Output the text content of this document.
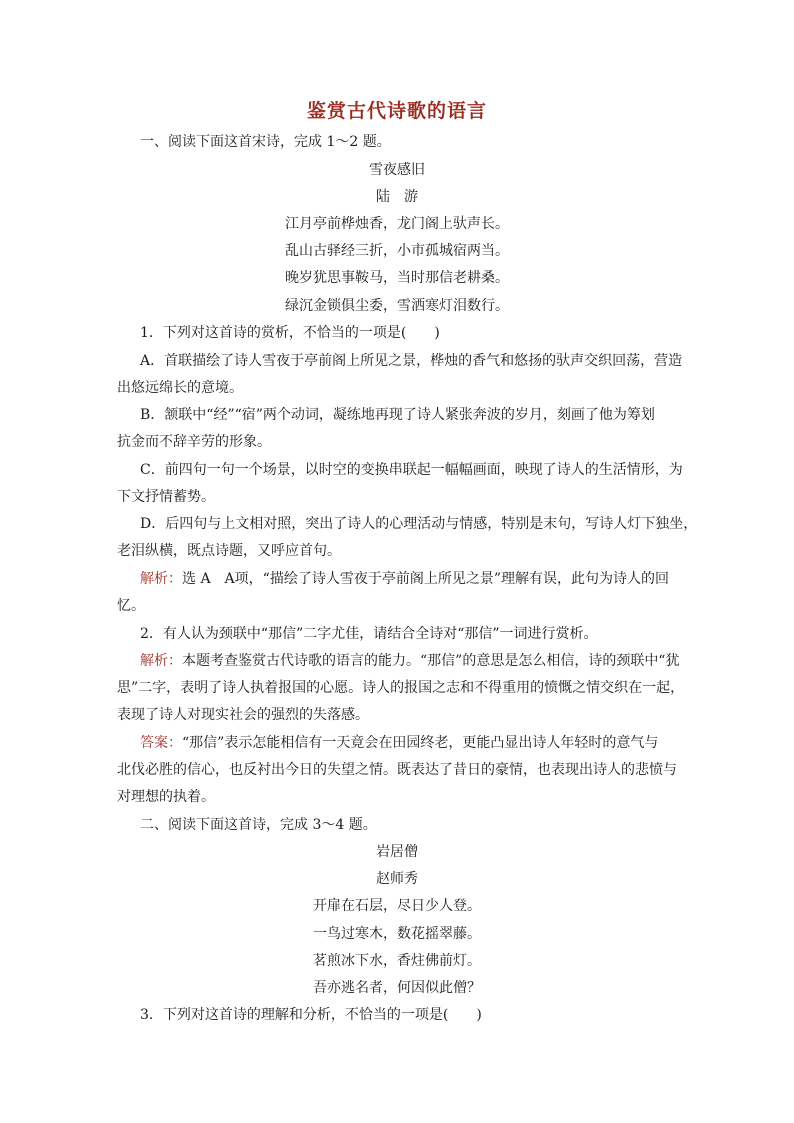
鉴赏古代诗歌的语言
一、阅读下面这首宋诗，完成 1～2 题。
雪夜感旧
陆　游
江月亭前桦烛香，龙门阁上驮声长。
乱山古驿经三折，小市孤城宿两当。
晚岁犹思事鞍马，当时那信老耕桑。
绿沉金锁俱尘委，雪洒寒灯泪数行。
1．下列对这首诗的赏析，不恰当的一项是(　　)
A．首联描绘了诗人雪夜于亭前阁上所见之景，桦烛的香气和悠扬的驮声交织回荡，营造
出悠远绵长的意境。
B．颔联中“经”“宿”两个动词，凝练地再现了诗人紧张奔波的岁月，刻画了他为筹划
抗金而不辞辛劳的形象。
C．前四句一句一个场景，以时空的变换串联起一幅幅画面，映现了诗人的生活情形，为
下文抒情蓄势。
D．后四句与上文相对照，突出了诗人的心理活动与情感，特别是末句，写诗人灯下独坐，
老泪纵横，既点诗题，又呼应首句。
解析：选 A　A项，“描绘了诗人雪夜于亭前阁上所见之景”理解有误，此句为诗人的回
忆。
2．有人认为颈联中“那信”二字尤佳，请结合全诗对“那信”一词进行赏析。
解析：本题考查鉴赏古代诗歌的语言的能力。“那信”的意思是怎么相信，诗的颈联中“犹
思”二字，表明了诗人执着报国的心愿。诗人的报国之志和不得重用的愤慨之情交织在一起，
表现了诗人对现实社会的强烈的失落感。
答案：“那信”表示怎能相信有一天竟会在田园终老，更能凸显出诗人年轻时的意气与
北伐必胜的信心，也反衬出今日的失望之情。既表达了昔日的豪情，也表现出诗人的悲愤与
对理想的执着。
二、阅读下面这首诗，完成 3～4 题。
岩居僧
赵师秀
开扉在石层，尽日少人登。
一鸟过寒木，数花摇翠藤。
茗煎冰下水，香炷佛前灯。
吾亦逃名者，何因似此僧？
3．下列对这首诗的理解和分析，不恰当的一项是(　　)
